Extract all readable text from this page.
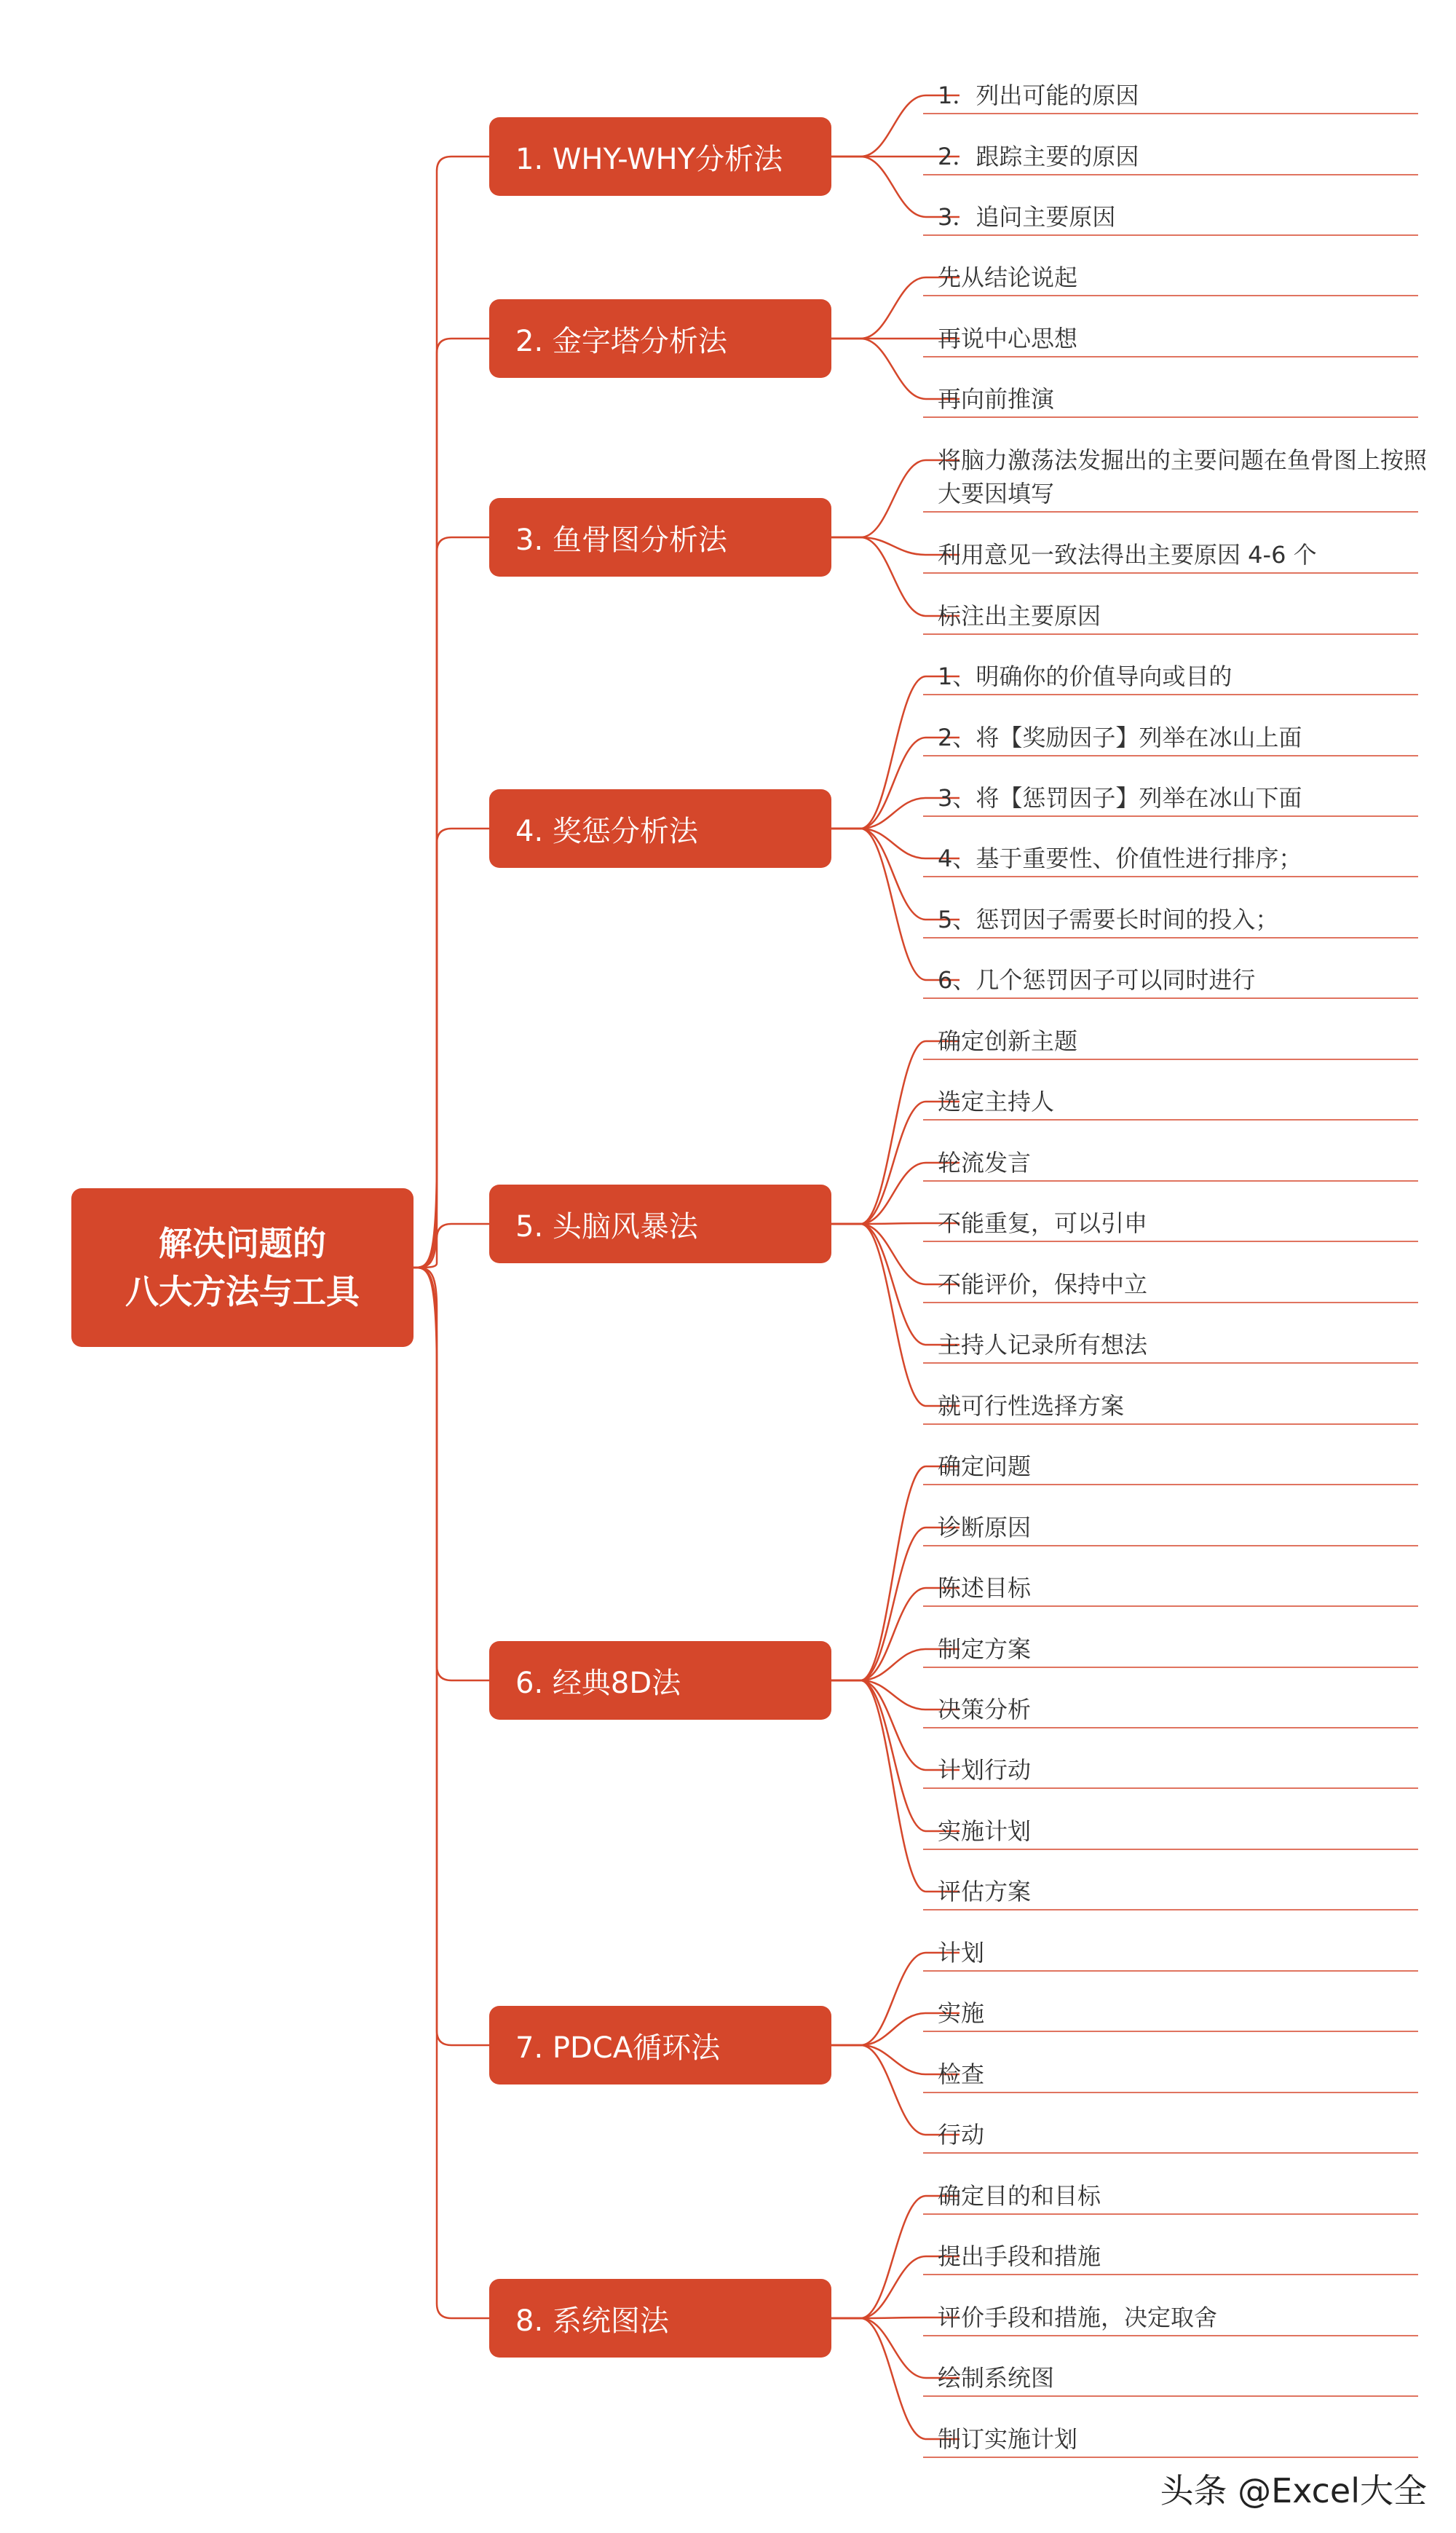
解决问题的
八大方法与工具
1. WHY-WHY分析法
2. 金字塔分析法
3. 鱼骨图分析法
4. 奖惩分析法
5. 头脑风暴法
6. 经典8D法
7. PDCA循环法
8. 系统图法
1．列出可能的原因
2．跟踪主要的原因
3．追问主要原因
先从结论说起
再说中心思想
再向前推演
将脑力激荡法发掘出的主要问题在鱼骨图上按照大要因填写
利用意见一致法得出主要原因 4-6 个
标注出主要原因
1、明确你的价值导向或目的
2、将【奖励因子】列举在冰山上面
3、将【惩罚因子】列举在冰山下面
4、基于重要性、价值性进行排序；
5、惩罚因子需要长时间的投入；
6、几个惩罚因子可以同时进行
确定创新主题
选定主持人
轮流发言
不能重复，可以引申
不能评价，保持中立
主持人记录所有想法
就可行性选择方案
确定问题
诊断原因
陈述目标
制定方案
决策分析
计划行动
实施计划
评估方案
计划
实施
检查
行动
确定目的和目标
提出手段和措施
评价手段和措施，决定取舍
绘制系统图
制订实施计划
头条 @Excel大全
